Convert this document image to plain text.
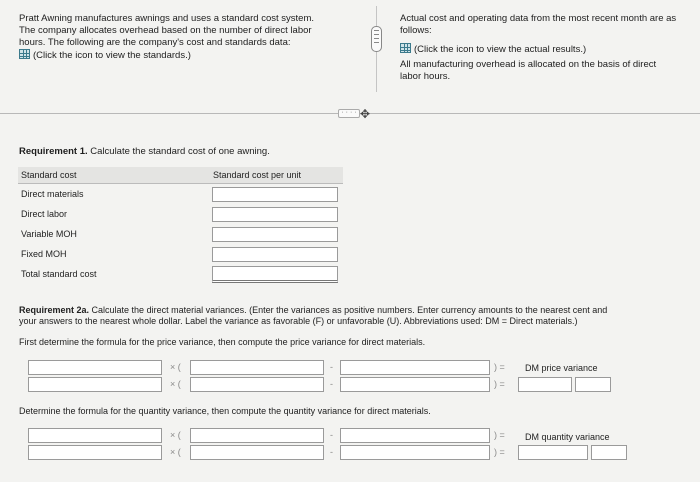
Pratt Awning manufactures awnings and uses a standard cost system.
The company allocates overhead based on the number of direct labor
hours. The following are the company's cost and standards data:
(Click the icon to view the standards.)
Actual cost and operating data from the most recent month are as
follows:
(Click the icon to view the actual results.)
All manufacturing overhead is allocated on the basis of direct
labor hours.
· · · · ✥
Requirement 1. Calculate the standard cost of one awning.
Standard cost	Standard cost per unit
Direct materials	

Direct labor	

Variable MOH	

Fixed MOH	

Total standard cost	
Requirement 2a. Calculate the direct material variances. (Enter the variances as positive numbers. Enter currency amounts to the nearest cent and
your answers to the nearest whole dollar. Label the variance as favorable (F) or unfavorable (U). Abbreviations used: DM = Direct materials.)
First determine the formula for the price variance, then compute the price variance for direct materials.
× (	-	) = DM price variance
× (	-	) =
Determine the formula for the quantity variance, then compute the quantity variance for direct materials.
× (	-	) = DM quantity variance
× (	-	) =
